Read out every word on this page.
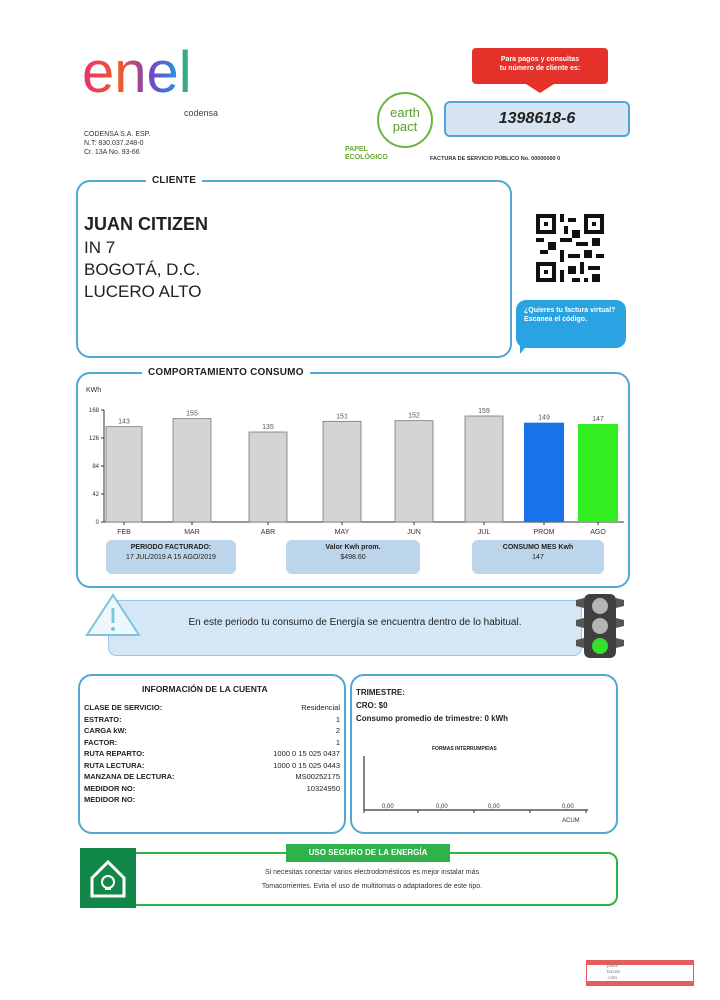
enel
codensa
CODENSA S.A. ESP.
N.T: 830.037.248-0
Cr. 13A No. 93-66
earth
pact
PAPEL
ECOLÓGICO
Para pagos y consultas
tu número de cliente es:
1398618-6
FACTURA DE SERVICIO PÚBLICO No. 00000000 0
CLIENTE
JUAN CITIZEN
IN 7
BOGOTÁ, D.C.
LUCERO ALTO
¿Quieres tu factura virtual? Escanea el código.
COMPORTAMIENTO CONSUMO
KWh
0
42
84
126
168
143
FEB
155
MAR
135
ABR
151
MAY
152
JUN
159
JUL
149
PROM
147
AGO
PERIODO FACTURADO:
17 JUL/2019 A 15 AGO/2019
Valor Kwh prom.
$498.60
CONSUMO MES Kwh
147
En este periodo tu consumo de Energía se encuentra dentro de lo habitual.
INFORMACIÓN DE LA CUENTA
CLASE DE SERVICIO:	Residencial
ESTRATO:	1
CARGA kW:	2
FACTOR:	1
RUTA REPARTO:	1000 0 15 025 0437
RUTA LECTURA:	1000 0 15 025 0443
MANZANA DE LECTURA:	MS00252175
MEDIDOR NO:	10324950
MEDIDOR NO:
TRIMESTRE:
CRO: $0
Consumo promedio de trimestre: 0 kWh
FORMAS INTERRUMPIDAS
0,00	0,00	0,00	0,00
ACUM
USO SEGURO DE LA ENERGÍA
Si necesitas conectar varios electrodomésticos es mejor instalar más
Tomacorrientes. Evita el uso de multitomas o adaptadores de este tipo.
paulo
travels
.com
